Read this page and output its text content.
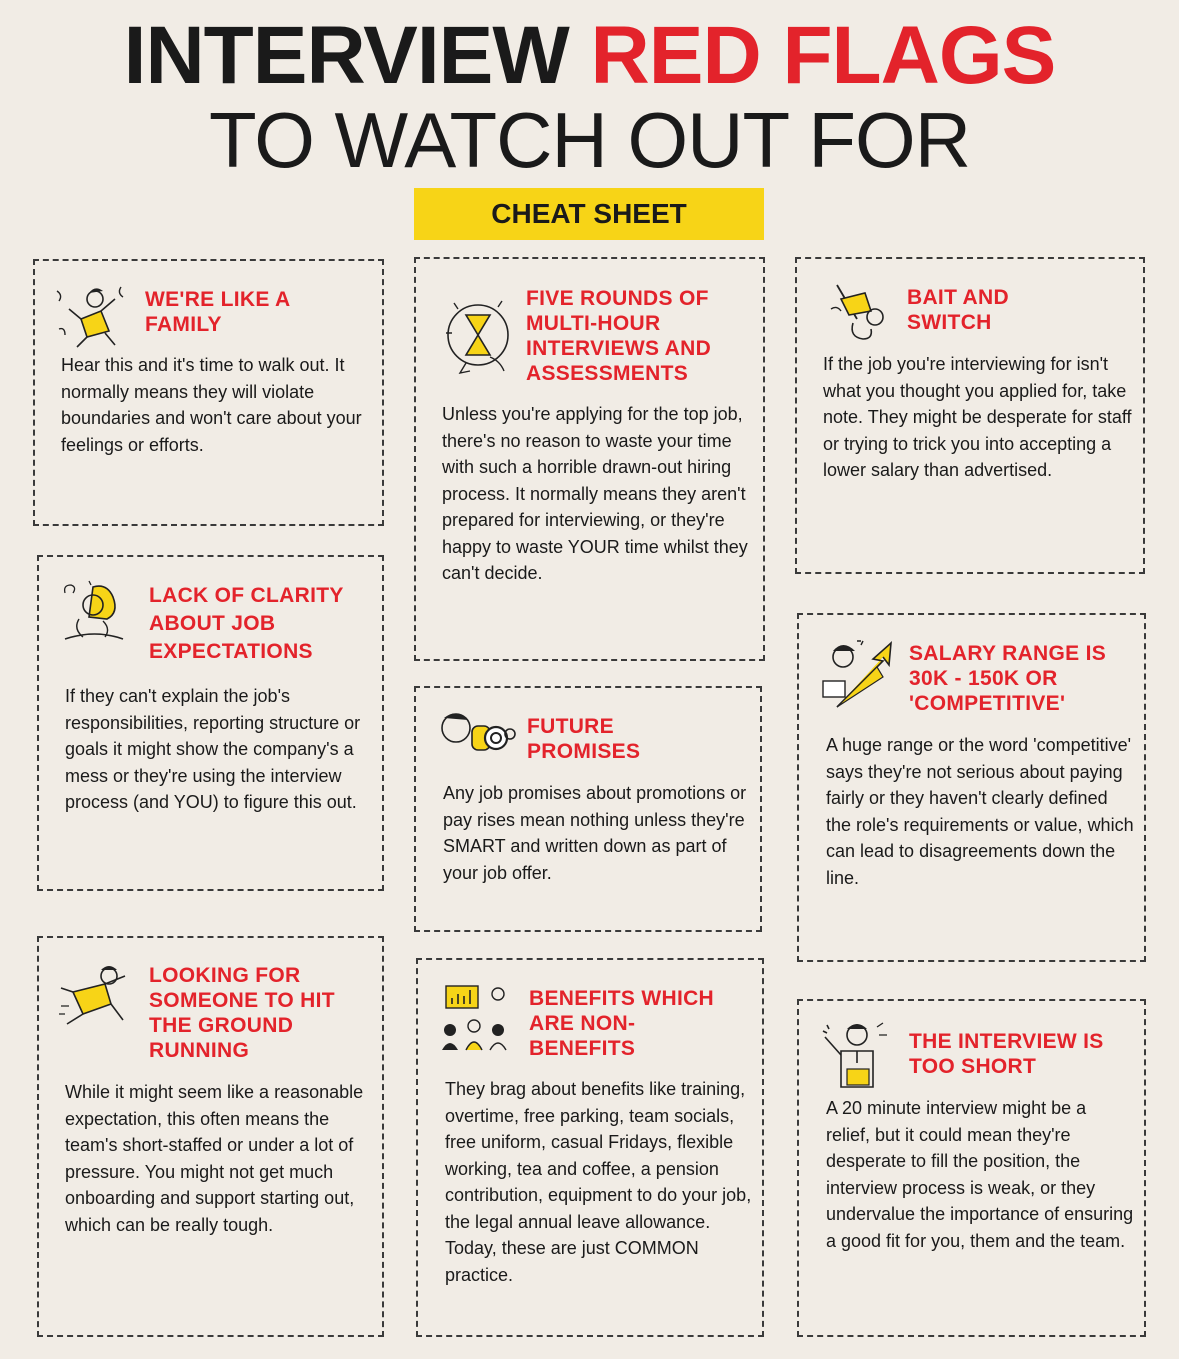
INTERVIEW RED FLAGS
TO WATCH OUT FOR
CHEAT SHEET
WE'RE LIKE A FAMILY
Hear this and it's time to walk out. It normally means they will violate boundaries and won't care about your feelings or efforts.
FIVE ROUNDS OF MULTI-HOUR INTERVIEWS AND ASSESSMENTS
Unless you're applying for the top job, there's no reason to waste your time with such a horrible drawn-out hiring process. It normally means they aren't prepared for interviewing, or they're happy to waste YOUR time whilst they can't decide.
BAIT AND SWITCH
If the job you're interviewing for isn't what you thought you applied for, take note. They might be desperate for staff or trying to trick you into accepting a lower salary than advertised.
LACK OF CLARITY ABOUT JOB EXPECTATIONS
If they can't explain the job's responsibilities, reporting structure or goals it might show the company's a mess or they're using the interview process (and YOU) to figure this out.
FUTURE PROMISES
Any job promises about promotions or pay rises mean nothing unless they're SMART and written down as part of your job offer.
SALARY RANGE IS 30K - 150K OR 'COMPETITIVE'
A huge range or the word 'competitive' says they're not serious about paying fairly or they haven't clearly defined the role's requirements or value, which can lead to disagreements down the line.
LOOKING FOR SOMEONE TO HIT THE GROUND RUNNING
While it might seem like a reasonable expectation, this often means the team's short-staffed or under a lot of pressure. You might not get much onboarding and support starting out, which can be really tough.
BENEFITS WHICH ARE NON-BENEFITS
They brag about benefits like training, overtime, free parking, team socials, free uniform, casual Fridays, flexible working, tea and coffee, a pension contribution, equipment to do your job, the legal annual leave allowance. Today, these are just COMMON practice.
THE INTERVIEW IS TOO SHORT
A 20 minute interview might be a relief, but it could mean they're desperate to fill the position, the interview process is weak, or they undervalue the importance of ensuring a good fit for you, them and the team.
